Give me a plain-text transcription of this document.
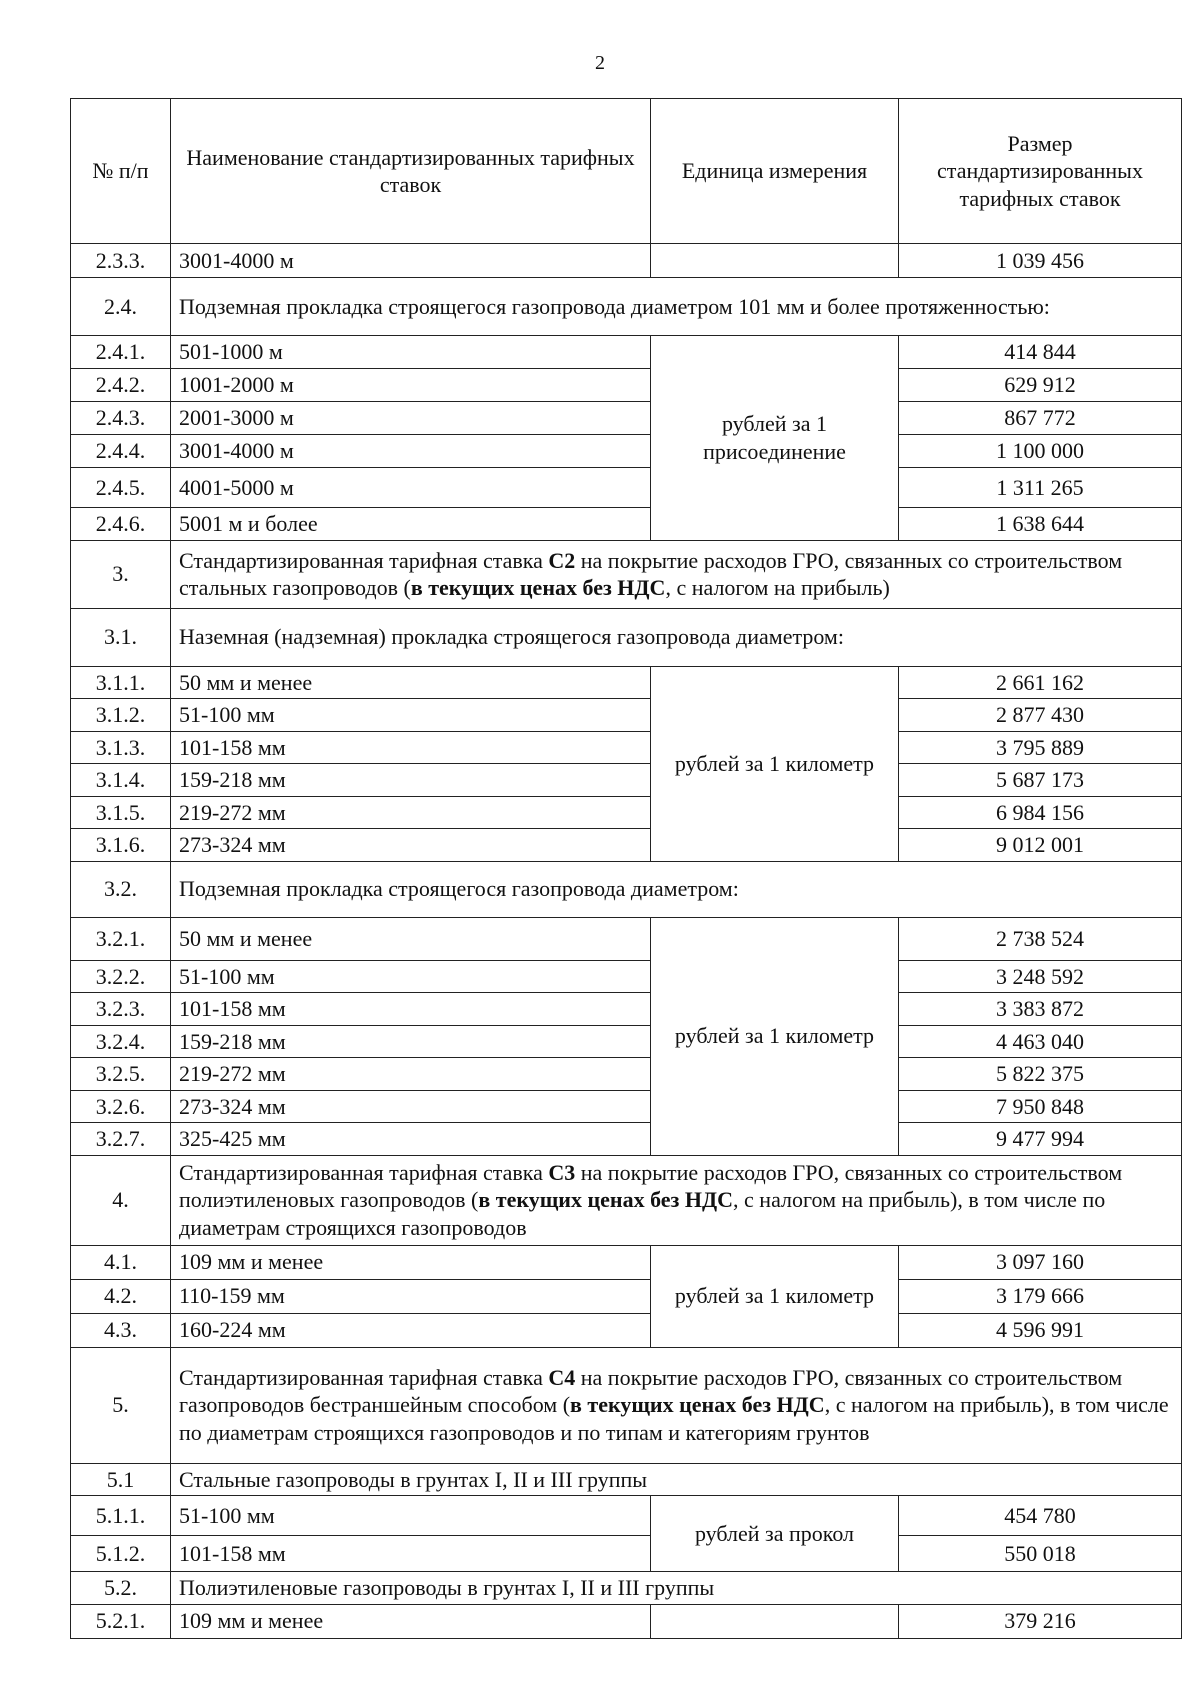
2
№ п/п	Наименование стандартизированных тарифных ставок	Единица измерения	Размер стандартизированных тарифных ставок
2.3.3.	3001-4000 м		1 039 456
2.4.	Подземная прокладка строящегося газопровода диаметром 101 мм и более протяженностью:		
2.4.1.	501-1000 м	рублей за 1 присоединение	414 844
2.4.2.	1001-2000 м		629 912
2.4.3.	2001-3000 м		867 772
2.4.4.	3001-4000 м		1 100 000
2.4.5.	4001-5000 м		1 311 265
2.4.6.	5001 м и более		1 638 644
3.	Стандартизированная тарифная ставка С2 на покрытие расходов ГРО, связанных со строительством стальных газопроводов (в текущих ценах без НДС, с налогом на прибыль)		
3.1.	Наземная (надземная) прокладка строящегося газопровода диаметром:		
3.1.1.	50 мм и менее	рублей за 1 километр	2 661 162
3.1.2.	51-100 мм		2 877 430
3.1.3.	101-158 мм		3 795 889
3.1.4.	159-218 мм		5 687 173
3.1.5.	219-272 мм		6 984 156
3.1.6.	273-324 мм		9 012 001
3.2.	Подземная прокладка строящегося газопровода диаметром:		
3.2.1.	50 мм и менее	рублей за 1 километр	2 738 524
3.2.2.	51-100 мм		3 248 592
3.2.3.	101-158 мм		3 383 872
3.2.4.	159-218 мм		4 463 040
3.2.5.	219-272 мм		5 822 375
3.2.6.	273-324 мм		7 950 848
3.2.7.	325-425 мм		9 477 994
4.	Стандартизированная тарифная ставка С3 на покрытие расходов ГРО, связанных со строительством полиэтиленовых газопроводов (в текущих ценах без НДС, с налогом на прибыль), в том числе по диаметрам строящихся газопроводов		
4.1.	109 мм и менее	рублей за 1 километр	3 097 160
4.2.	110-159 мм		3 179 666
4.3.	160-224 мм		4 596 991
5.	Стандартизированная тарифная ставка С4 на покрытие расходов ГРО, связанных со строительством газопроводов бестраншейным способом (в текущих ценах без НДС, с налогом на прибыль), в том числе по диаметрам строящихся газопроводов и по типам и категориям грунтов		
5.1	Стальные газопроводы в грунтах I, II и III группы		
5.1.1.	51-100 мм	рублей за прокол	454 780
5.1.2.	101-158 мм		550 018
5.2.	Полиэтиленовые газопроводы в грунтах I, II и III группы		
5.2.1.	109 мм и менее		379 216
